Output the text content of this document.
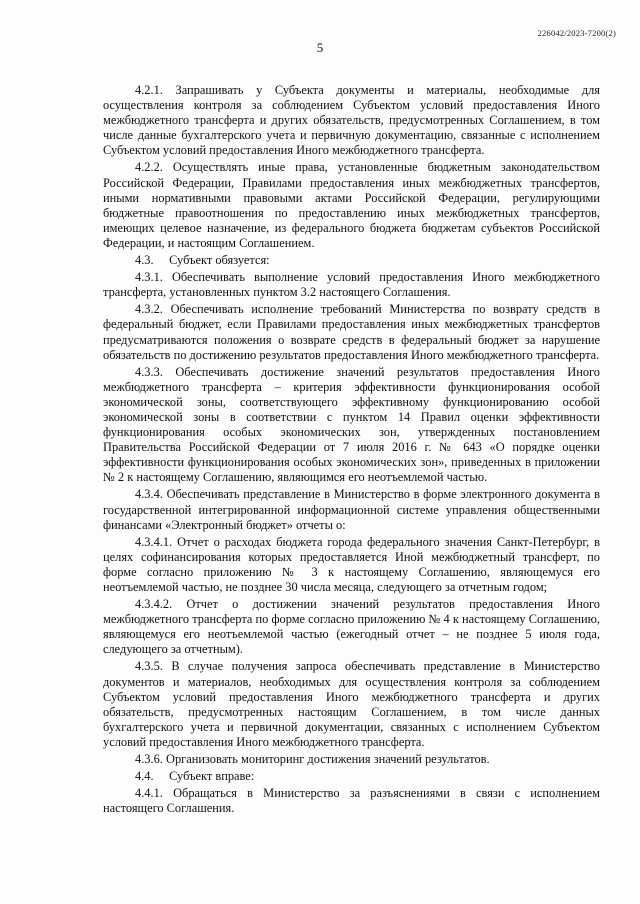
226042/2023-7200(2)
5

4.2.1. Запрашивать у Субъекта документы и материалы, необходимые для осуществления контроля за соблюдением Субъектом условий предоставления Иного межбюджетного трансферта и других обязательств, предусмотренных Соглашением, в том числе данные бухгалтерского учета и первичную документацию, связанные с исполнением Субъектом условий предоставления Иного межбюджетного трансферта.

4.2.2. Осуществлять иные права, установленные бюджетным законодательством Российской Федерации, Правилами предоставления иных межбюджетных трансфертов, иными нормативными правовыми актами Российской Федерации, регулирующими бюджетные правоотношения по предоставлению иных межбюджетных трансфертов, имеющих целевое назначение, из федерального бюджета бюджетам субъектов Российской Федерации, и настоящим Соглашением.

4.3. Субъект обязуется:

4.3.1. Обеспечивать выполнение условий предоставления Иного межбюджетного трансферта, установленных пунктом 3.2 настоящего Соглашения.

4.3.2. Обеспечивать исполнение требований Министерства по возврату средств в федеральный бюджет, если Правилами предоставления иных межбюджетных трансфертов предусматриваются положения о возврате средств в федеральный бюджет за нарушение обязательств по достижению результатов предоставления Иного межбюджетного трансферта.

4.3.3. Обеспечивать достижение значений результатов предоставления Иного межбюджетного трансферта – критерия эффективности функционирования особой экономической зоны, соответствующего эффективному функционированию особой экономической зоны в соответствии с пунктом 14 Правил оценки эффективности функционирования особых экономических зон, утвержденных постановлением Правительства Российской Федерации от 7 июля 2016 г. № 643 «О порядке оценки эффективности функционирования особых экономических зон», приведенных в приложении № 2 к настоящему Соглашению, являющимся его неотъемлемой частью.

4.3.4. Обеспечивать представление в Министерство в форме электронного документа в государственной интегрированной информационной системе управления общественными финансами «Электронный бюджет» отчеты о:

4.3.4.1. Отчет о расходах бюджета города федерального значения Санкт-Петербург, в целях софинансирования которых предоставляется Иной межбюджетный трансферт, по форме согласно приложению № 3 к настоящему Соглашению, являющемуся его неотъемлемой частью, не позднее 30 числа месяца, следующего за отчетным годом;

4.3.4.2. Отчет о достижении значений результатов предоставления Иного межбюджетного трансферта по форме согласно приложению № 4 к настоящему Соглашению, являющемуся его неотъемлемой частью (ежегодный отчет – не позднее 5 июля года, следующего за отчетным).

4.3.5. В случае получения запроса обеспечивать представление в Министерство документов и материалов, необходимых для осуществления контроля за соблюдением Субъектом условий предоставления Иного межбюджетного трансферта и других обязательств, предусмотренных настоящим Соглашением, в том числе данных бухгалтерского учета и первичной документации, связанных с исполнением Субъектом условий предоставления Иного межбюджетного трансферта.

4.3.6. Организовать мониторинг достижения значений результатов.

4.4. Субъект вправе:

4.4.1. Обращаться в Министерство за разъяснениями в связи с исполнением настоящего Соглашения.
